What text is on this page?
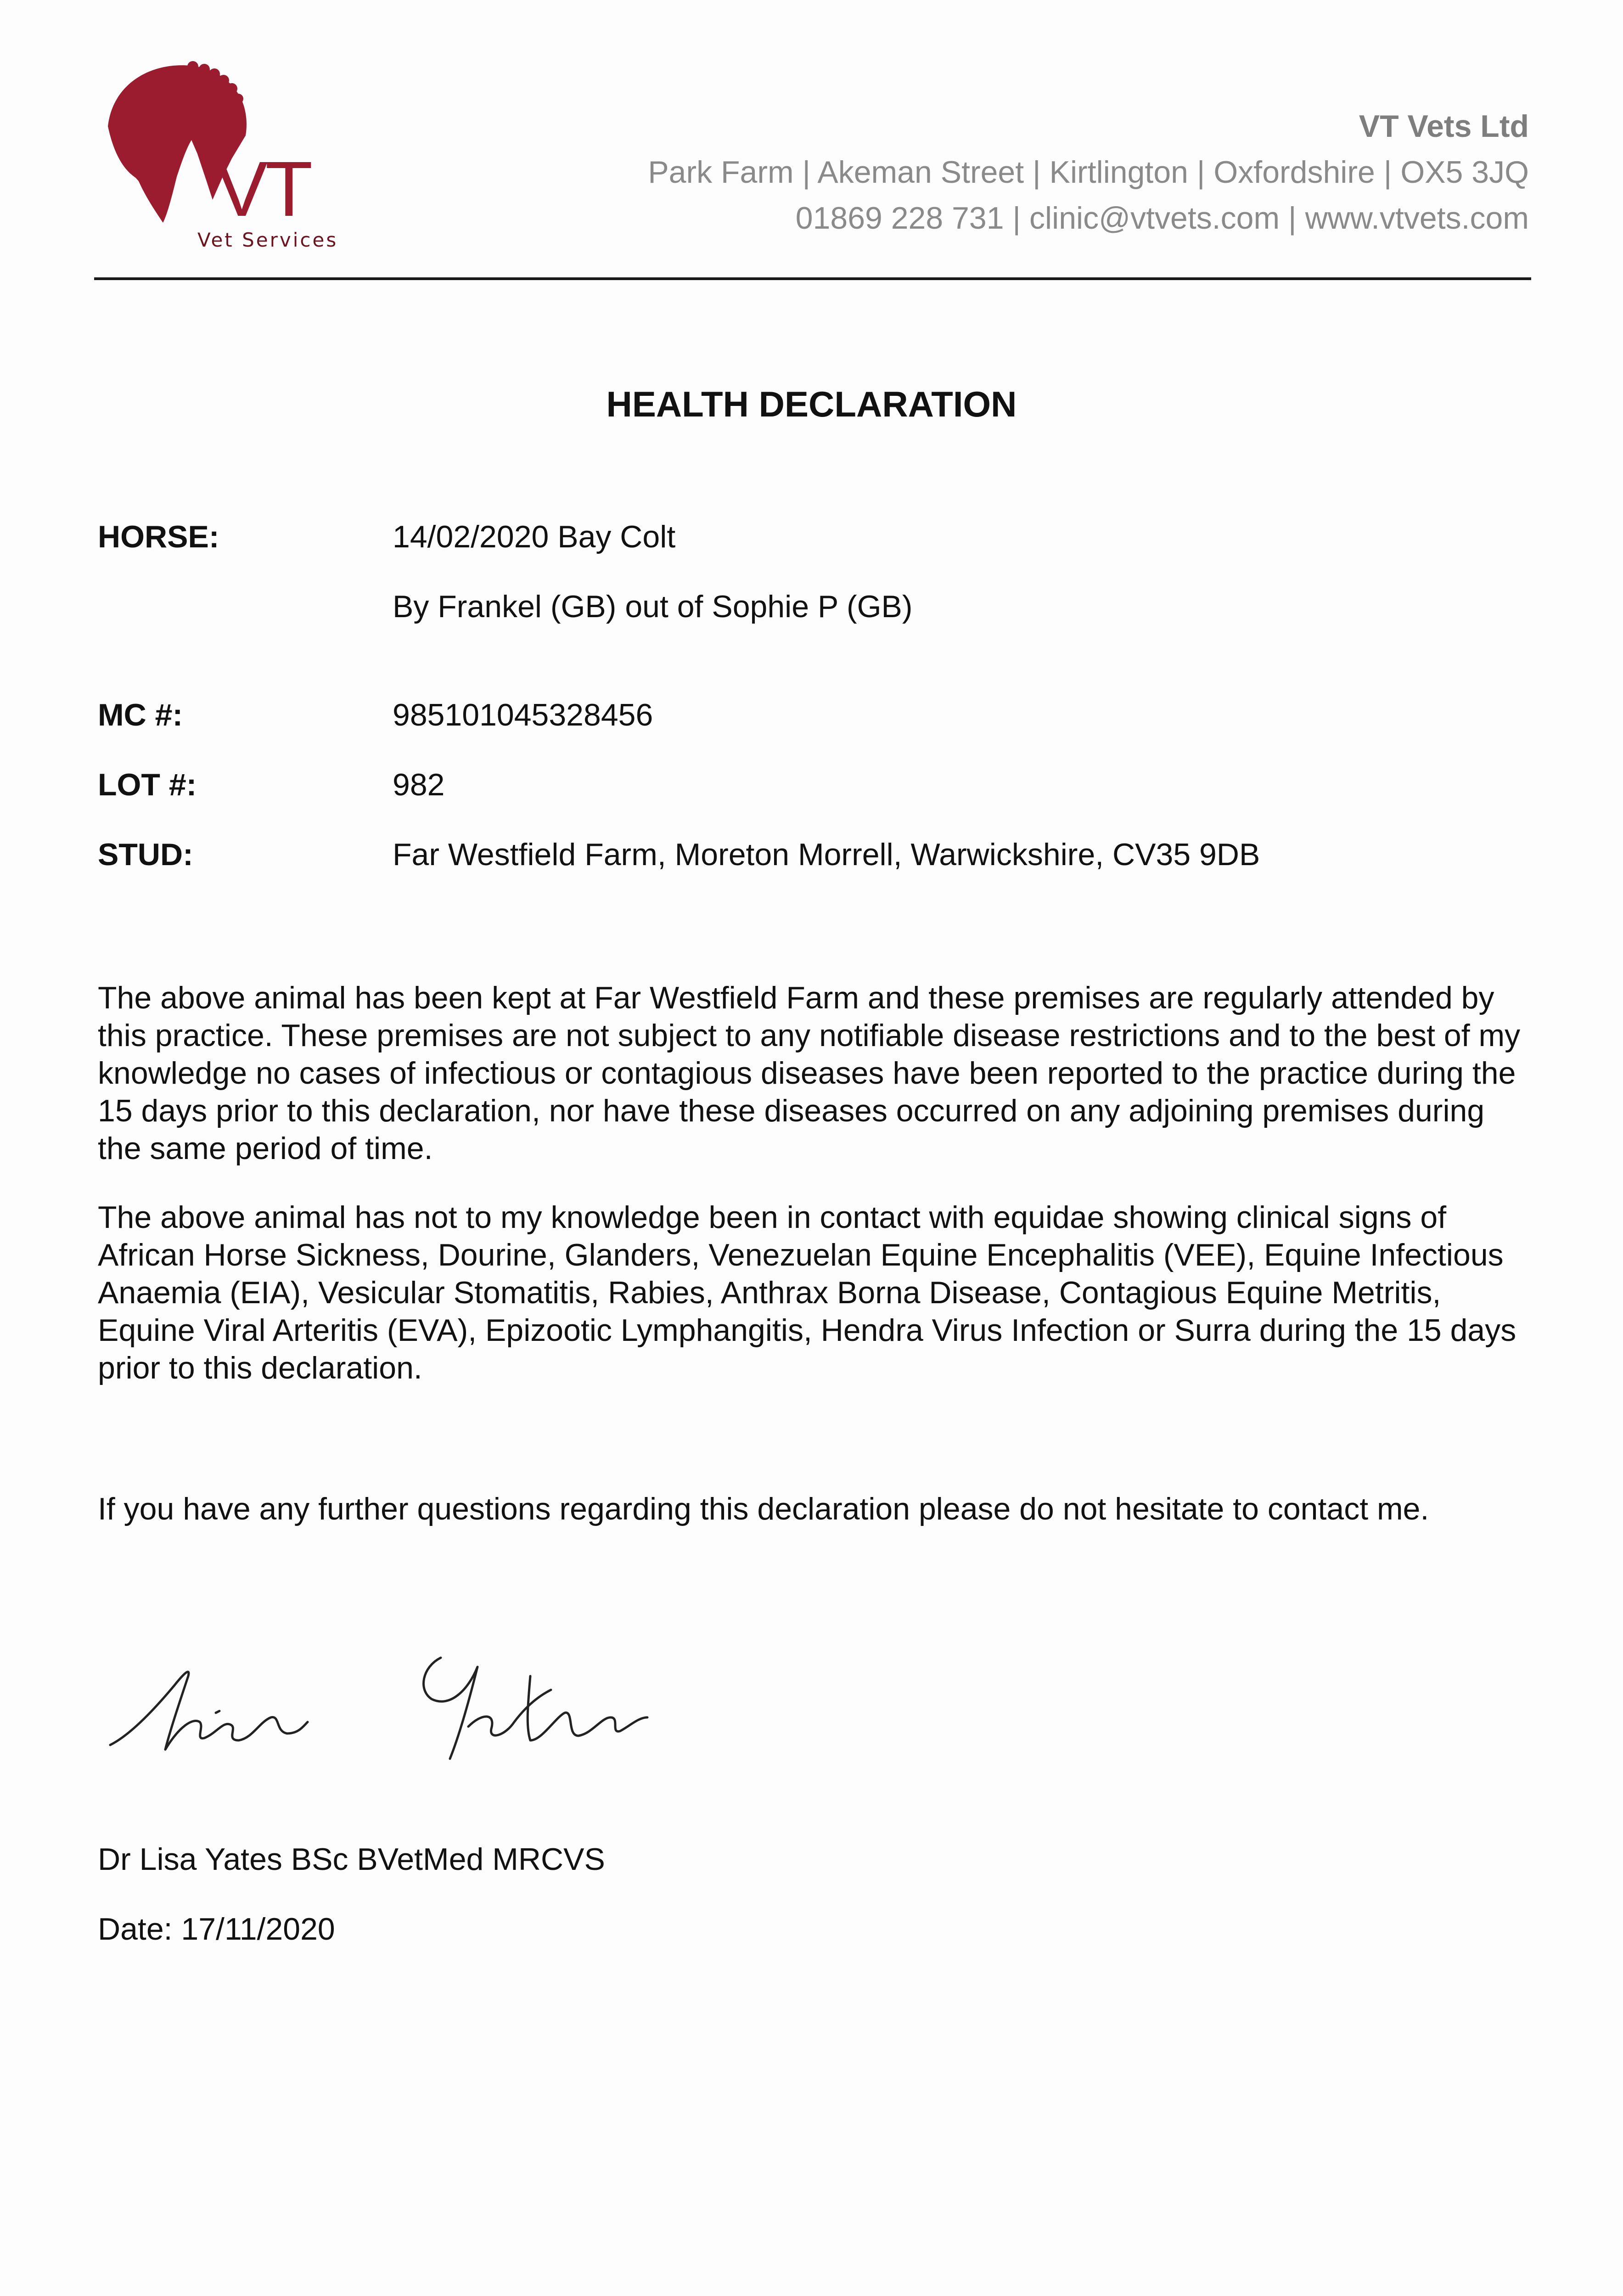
VT
Vet Services
VT Vets Ltd
Park Farm | Akeman Street | Kirtlington | Oxfordshire | OX5 3JQ
01869 228 731 | clinic@vtvets.com | www.vtvets.com
HEALTH DECLARATION
HORSE:	14/02/2020 Bay Colt
By Frankel (GB) out of Sophie P (GB)
MC #:	985101045328456
LOT #:	982
STUD:	Far Westfield Farm, Moreton Morrell, Warwickshire, CV35 9DB
The above animal has been kept at Far Westfield Farm and these premises are regularly attended by this practice. These premises are not subject to any notifiable disease restrictions and to the best of my knowledge no cases of infectious or contagious diseases have been reported to the practice during the 15 days prior to this declaration, nor have these diseases occurred on any adjoining premises during the same period of time.
The above animal has not to my knowledge been in contact with equidae showing clinical signs of African Horse Sickness, Dourine, Glanders, Venezuelan Equine Encephalitis (VEE), Equine Infectious Anaemia (EIA), Vesicular Stomatitis, Rabies, Anthrax Borna Disease, Contagious Equine Metritis, Equine Viral Arteritis (EVA), Epizootic Lymphangitis, Hendra Virus Infection or Surra during the 15 days prior to this declaration.
If you have any further questions regarding this declaration please do not hesitate to contact me.
Dr Lisa Yates BSc BVetMed MRCVS
Date: 17/11/2020
